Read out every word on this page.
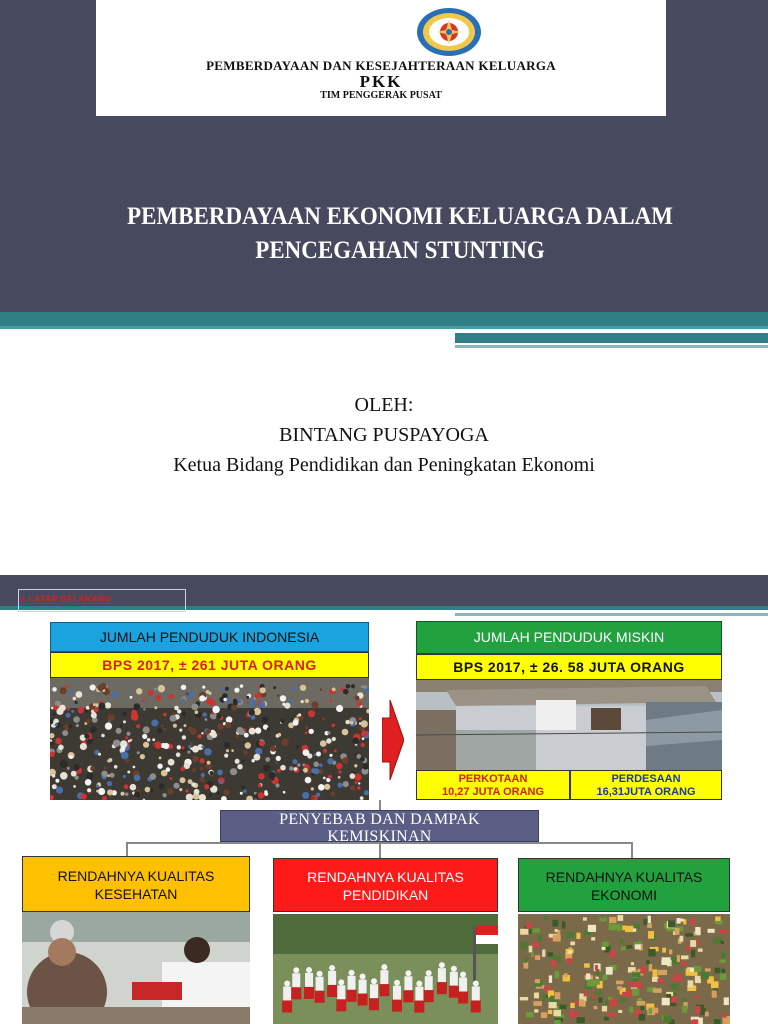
PEMBERDAYAAN DAN KESEJAHTERAAN KELUARGA
PKK
TIM PENGGERAK PUSAT
PEMBERDAYAAN EKONOMI KELUARGA DALAM
PENCEGAHAN STUNTING
OLEH:
BINTANG PUSPAYOGA
Ketua Bidang Pendidikan dan Peningkatan Ekonomi
I. LATAR BELAKANG
JUMLAH PENDUDUK INDONESIA
BPS 2017, ± 261 JUTA ORANG
JUMLAH PENDUDUK MISKIN
BPS 2017, ± 26. 58 JUTA ORANG
PERKOTAAN
10,27 JUTA ORANG
PERDESAAN
16,31JUTA ORANG
PENYEBAB DAN DAMPAK
KEMISKINAN
RENDAHNYA KUALITAS
KESEHATAN
RENDAHNYA KUALITAS
PENDIDIKAN
RENDAHNYA KUALITAS
EKONOMI
